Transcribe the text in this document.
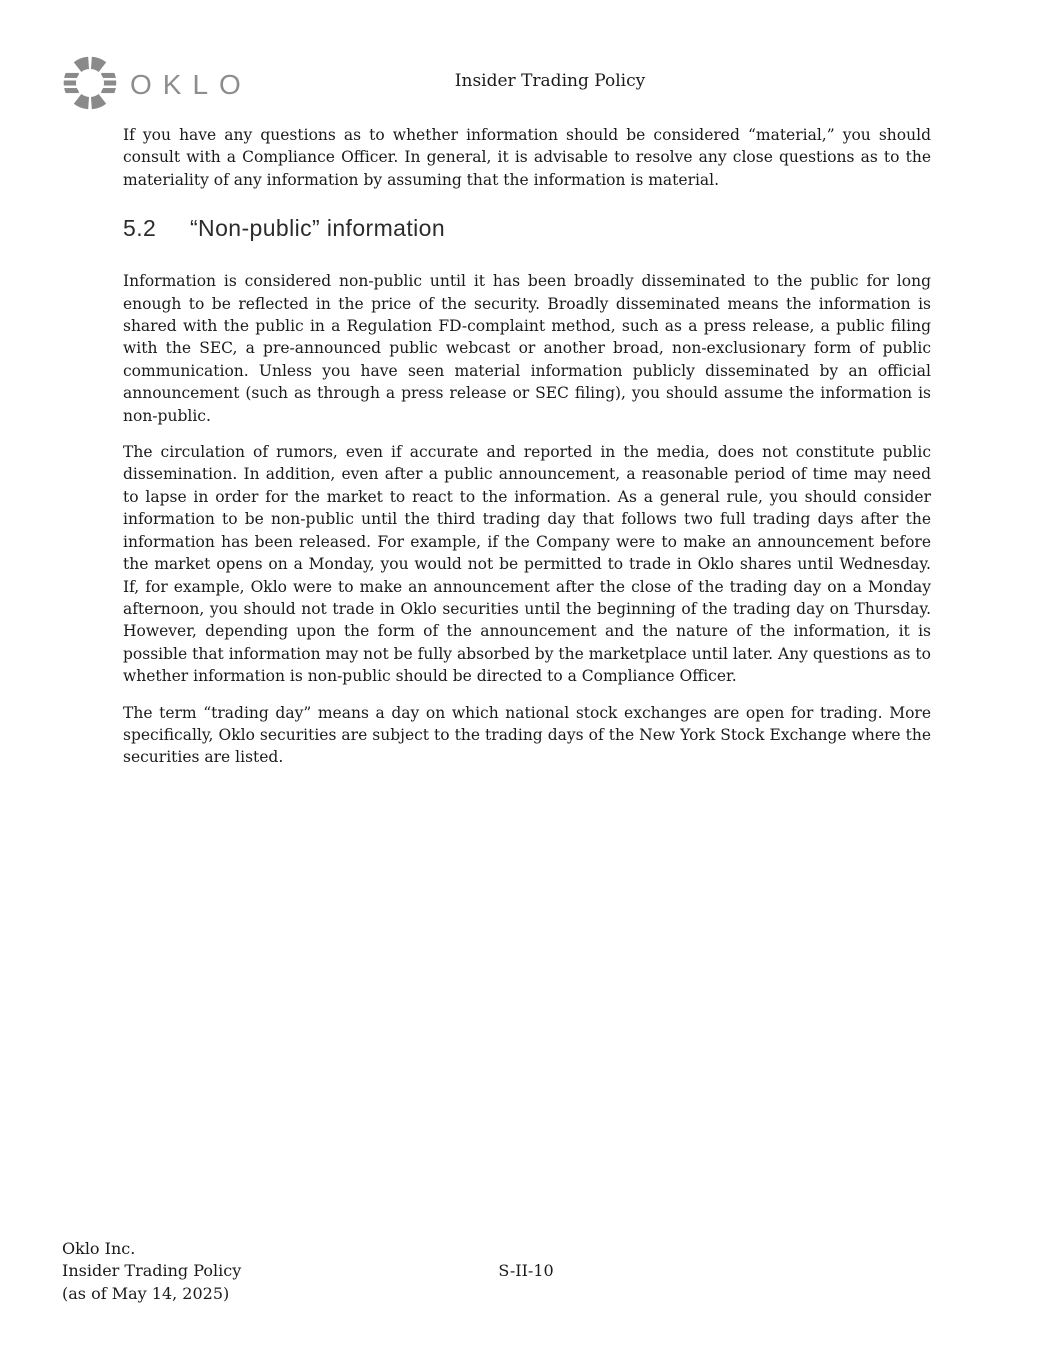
OKLO	Insider Trading Policy

If you have any questions as to whether information should be considered “material,” you should consult with a Compliance Officer. In general, it is advisable to resolve any close questions as to the materiality of any information by assuming that the information is material.

5.2	“Non-public” information

Information is considered non-public until it has been broadly disseminated to the public for long enough to be reflected in the price of the security. Broadly disseminated means the information is shared with the public in a Regulation FD-complaint method, such as a press release, a public filing with the SEC, a pre-announced public webcast or another broad, non-exclusionary form of public communication. Unless you have seen material information publicly disseminated by an official announcement (such as through a press release or SEC filing), you should assume the information is non-public.

The circulation of rumors, even if accurate and reported in the media, does not constitute public dissemination. In addition, even after a public announcement, a reasonable period of time may need to lapse in order for the market to react to the information. As a general rule, you should consider information to be non-public until the third trading day that follows two full trading days after the information has been released. For example, if the Company were to make an announcement before the market opens on a Monday, you would not be permitted to trade in Oklo shares until Wednesday. If, for example, Oklo were to make an announcement after the close of the trading day on a Monday afternoon, you should not trade in Oklo securities until the beginning of the trading day on Thursday. However, depending upon the form of the announcement and the nature of the information, it is possible that information may not be fully absorbed by the marketplace until later. Any questions as to whether information is non-public should be directed to a Compliance Officer.

The term “trading day” means a day on which national stock exchanges are open for trading. More specifically, Oklo securities are subject to the trading days of the New York Stock Exchange where the securities are listed.

Oklo Inc.
Insider Trading Policy
(as of May 14, 2025)
S-II-10
